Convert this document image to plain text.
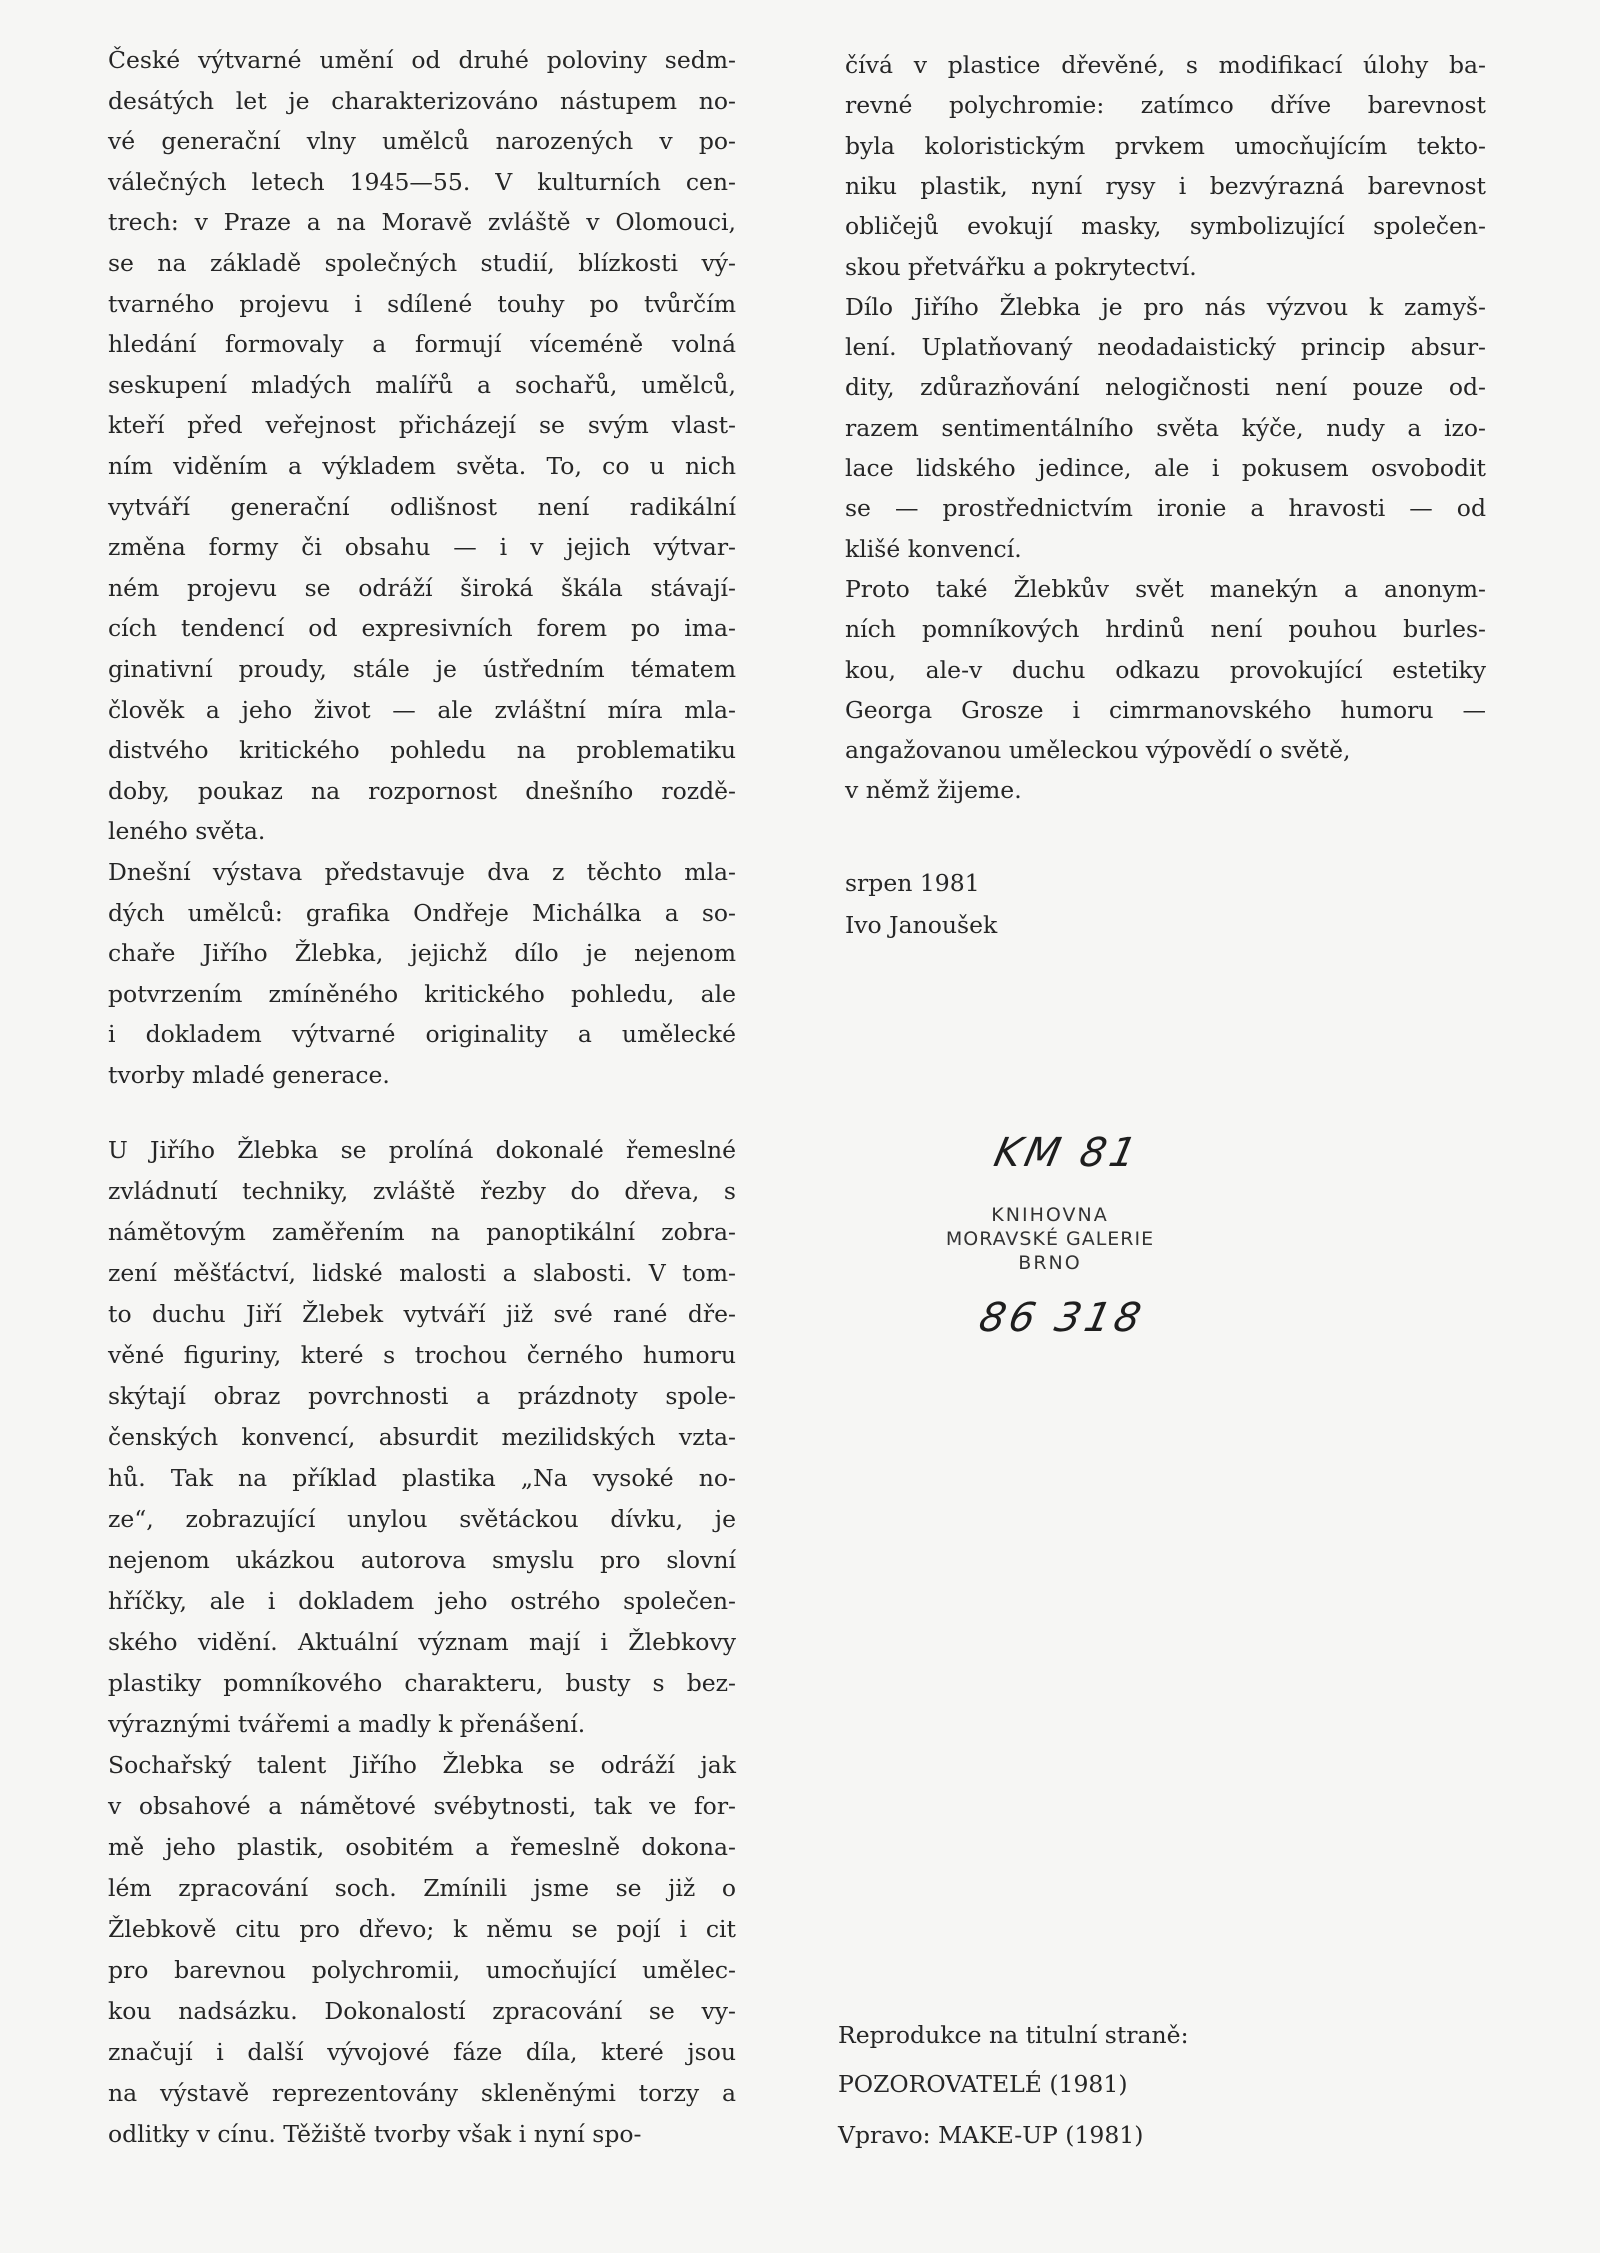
České výtvarné umění od druhé poloviny sedm-
desátých let je charakterizováno nástupem no-
vé generační vlny umělců narozených v po-
válečných letech 1945—55. V kulturních cen-
trech: v Praze a na Moravě zvláště v Olomouci,
se na základě společných studií, blízkosti vý-
tvarného projevu i sdílené touhy po tvůrčím
hledání formovaly a formují víceméně volná
seskupení mladých malířů a sochařů, umělců,
kteří před veřejnost přicházejí se svým vlast-
ním viděním a výkladem světa. To, co u nich
vytváří generační odlišnost není radikální
změna formy či obsahu — i v jejich výtvar-
ném projevu se odráží široká škála stávají-
cích tendencí od expresivních forem po ima-
ginativní proudy, stále je ústředním tématem
člověk a jeho život — ale zvláštní míra mla-
distvého kritického pohledu na problematiku
doby, poukaz na rozpornost dnešního rozdě-
leného světa.
Dnešní výstava představuje dva z těchto mla-
dých umělců: grafika Ondřeje Michálka a so-
chaře Jiřího Žlebka, jejichž dílo je nejenom
potvrzením zmíněného kritického pohledu, ale
i dokladem výtvarné originality a umělecké
tvorby mladé generace.
U Jiřího Žlebka se prolíná dokonalé řemeslné
zvládnutí techniky, zvláště řezby do dřeva, s
námětovým zaměřením na panoptikální zobra-
zení měšťáctví, lidské malosti a slabosti. V tom-
to duchu Jiří Žlebek vytváří již své rané dře-
věné figuriny, které s trochou černého humoru
skýtají obraz povrchnosti a prázdnoty spole-
čenských konvencí, absurdit mezilidských vzta-
hů. Tak na příklad plastika „Na vysoké no-
ze“, zobrazující unylou světáckou dívku, je
nejenom ukázkou autorova smyslu pro slovní
hříčky, ale i dokladem jeho ostrého společen-
ského vidění. Aktuální význam mají i Žlebkovy
plastiky pomníkového charakteru, busty s bez-
výraznými tvářemi a madly k přenášení.
Sochařský talent Jiřího Žlebka se odráží jak
v obsahové a námětové svébytnosti, tak ve for-
mě jeho plastik, osobitém a řemeslně dokona-
lém zpracování soch. Zmínili jsme se již o
Žlebkově citu pro dřevo; k němu se pojí i cit
pro barevnou polychromii, umocňující umělec-
kou nadsázku. Dokonalostí zpracování se vy-
značují i další vývojové fáze díla, které jsou
na výstavě reprezentovány skleněnými torzy a
odlitky v cínu. Těžiště tvorby však i nyní spo-
čívá v plastice dřevěné, s modifikací úlohy ba-
revné polychromie: zatímco dříve barevnost
byla koloristickým prvkem umocňujícím tekto-
niku plastik, nyní rysy i bezvýrazná barevnost
obličejů evokují masky, symbolizující společen-
skou přetvářku a pokrytectví.
Dílo Jiřího Žlebka je pro nás výzvou k zamyš-
lení. Uplatňovaný neodadaistický princip absur-
dity, zdůrazňování nelogičnosti není pouze od-
razem sentimentálního světa kýče, nudy a izo-
lace lidského jedince, ale i pokusem osvobodit
se — prostřednictvím ironie a hravosti — od
klišé konvencí.
Proto také Žlebkův svět manekýn a anonym-
ních pomníkových hrdinů není pouhou burles-
kou, ale-v duchu odkazu provokující estetiky
Georga Grosze i cimrmanovského humoru —
angažovanou uměleckou výpovědí o světě,
v němž žijeme.
srpen 1981
Ivo Janoušek
KM 81
KNIHOVNA
MORAVSKÉ GALERIE
BRNO
86 318
Reprodukce na titulní straně:
POZOROVATELÉ (1981)
Vpravo: MAKE-UP (1981)
